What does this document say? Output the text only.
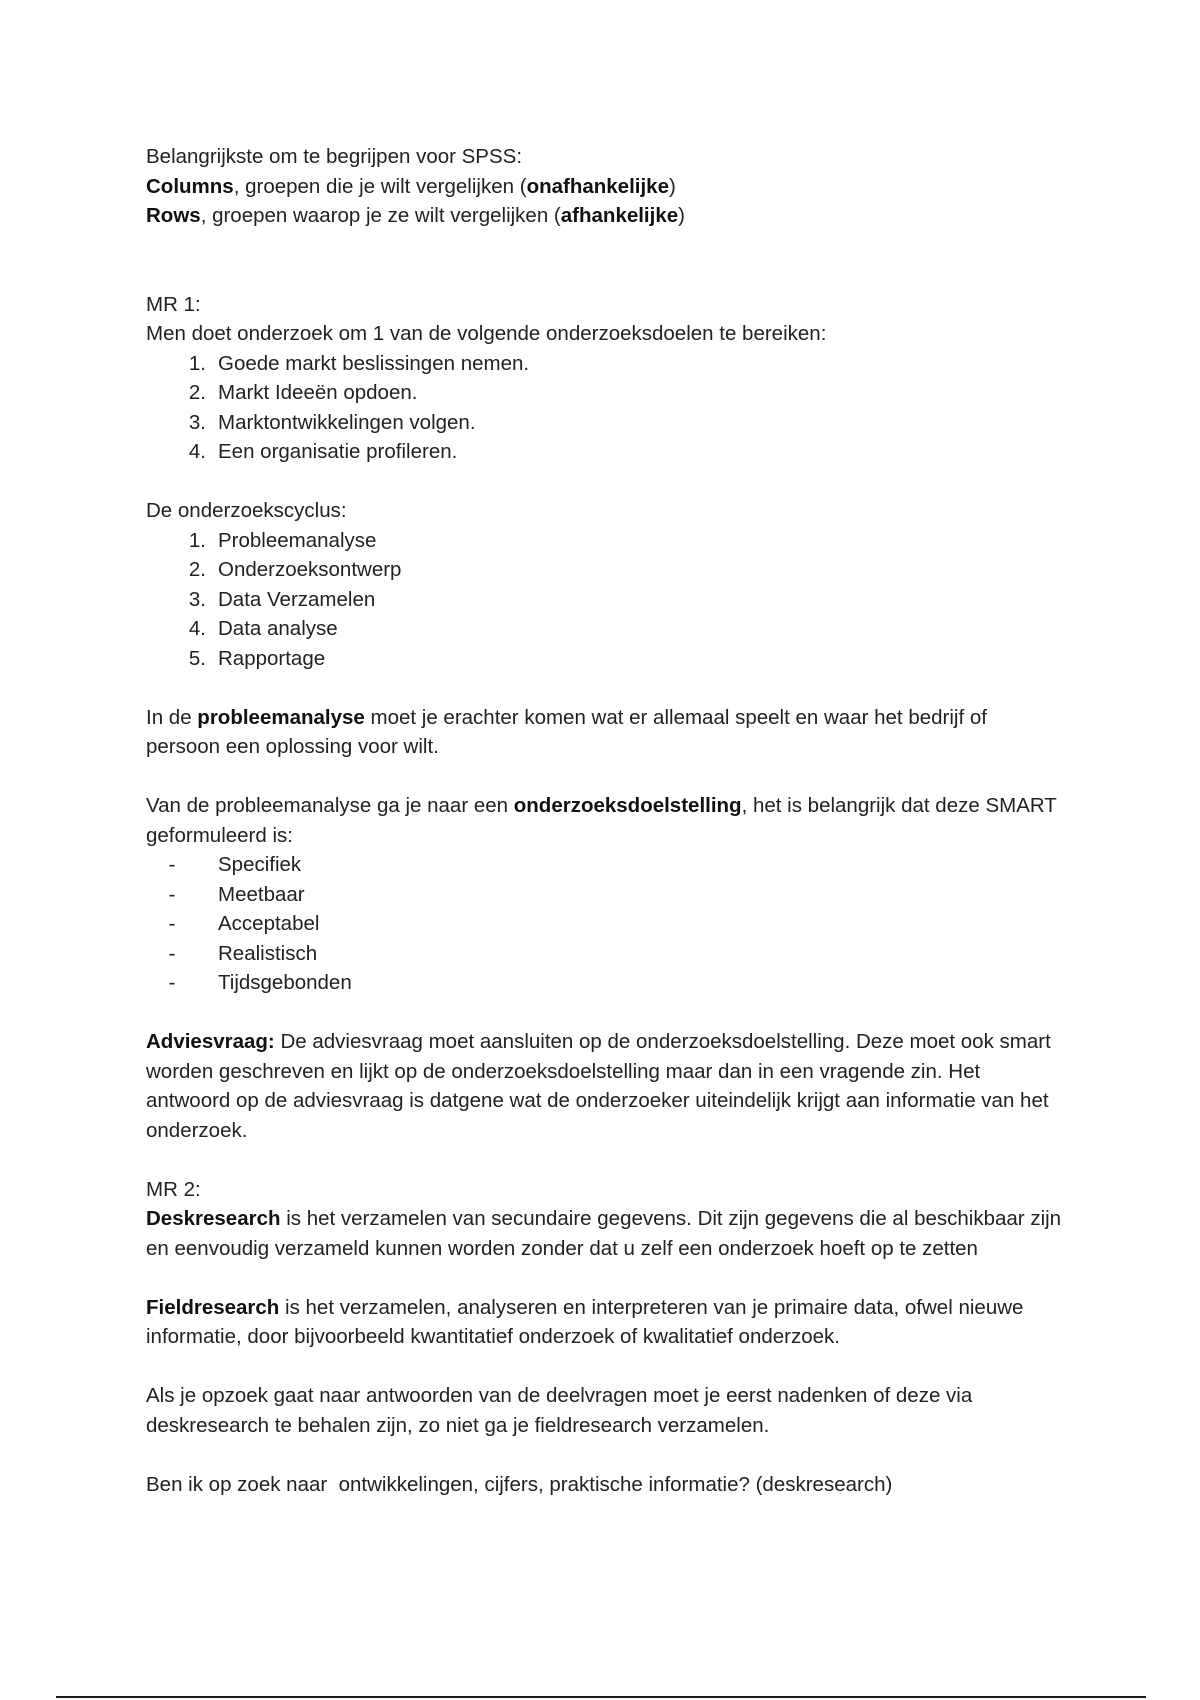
Belangrijkste om te begrijpen voor SPSS:
Columns, groepen die je wilt vergelijken (onafhankelijke)
Rows, groepen waarop je ze wilt vergelijken (afhankelijke)
MR 1:
Men doet onderzoek om 1 van de volgende onderzoeksdoelen te bereiken:
1. Goede markt beslissingen nemen.
2. Markt Ideeën opdoen.
3. Marktontwikkelingen volgen.
4. Een organisatie profileren.
De onderzoekscyclus:
1. Probleemanalyse
2. Onderzoeksontwerp
3. Data Verzamelen
4. Data analyse
5. Rapportage
In de probleemanalyse moet je erachter komen wat er allemaal speelt en waar het bedrijf of persoon een oplossing voor wilt.
Van de probleemanalyse ga je naar een onderzoeksdoelstelling, het is belangrijk dat deze SMART geformuleerd is:
-	Specifiek
-	Meetbaar
-	Acceptabel
-	Realistisch
-	Tijdsgebonden
Adviesvraag: De adviesvraag moet aansluiten op de onderzoeksdoelstelling. Deze moet ook smart worden geschreven en lijkt op de onderzoeksdoelstelling maar dan in een vragende zin. Het antwoord op de adviesvraag is datgene wat de onderzoeker uiteindelijk krijgt aan informatie van het onderzoek.
MR 2:
Deskresearch is het verzamelen van secundaire gegevens. Dit zijn gegevens die al beschikbaar zijn en eenvoudig verzameld kunnen worden zonder dat u zelf een onderzoek hoeft op te zetten
Fieldresearch is het verzamelen, analyseren en interpreteren van je primaire data, ofwel nieuwe informatie, door bijvoorbeeld kwantitatief onderzoek of kwalitatief onderzoek.
Als je opzoek gaat naar antwoorden van de deelvragen moet je eerst nadenken of deze via deskresearch te behalen zijn, zo niet ga je fieldresearch verzamelen.
Ben ik op zoek naar  ontwikkelingen, cijfers, praktische informatie? (deskresearch)
